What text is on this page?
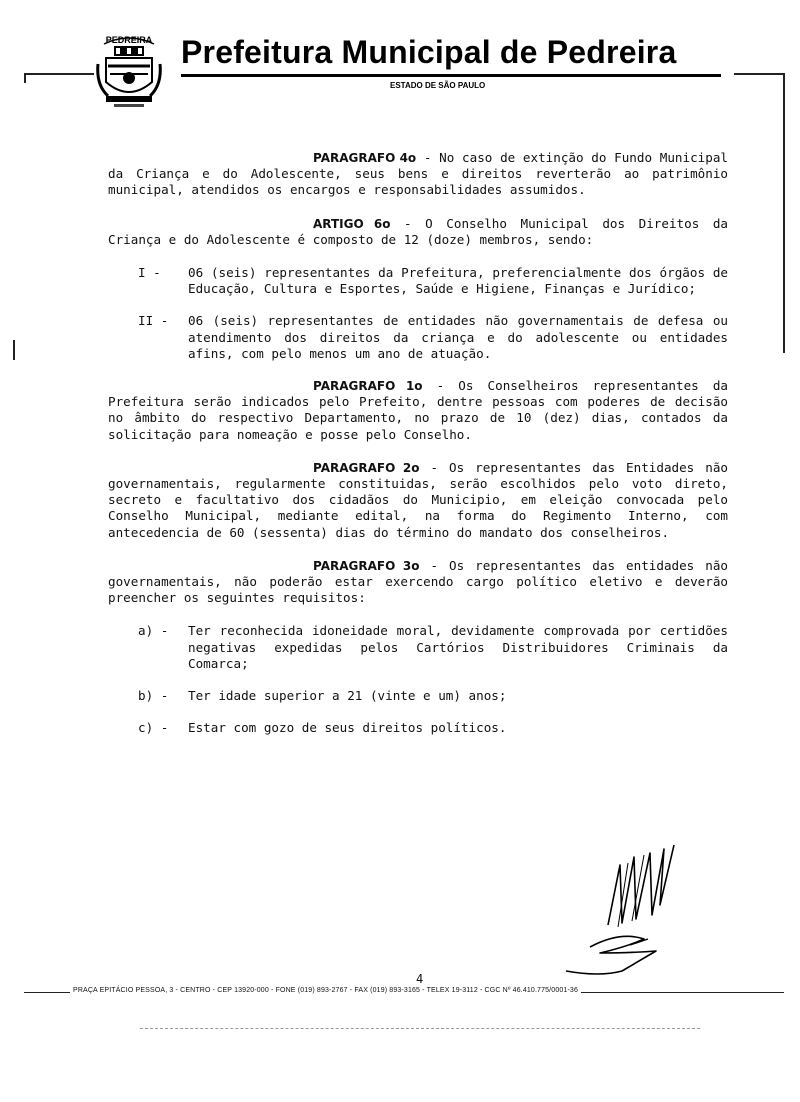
PEDREIRA Prefeitura Municipal de Pedreira
ESTADO DE SÃO PAULO

PARAGRAFO 4o - No caso de extinção do Fundo Municipal da Criança e do Adolescente, seus bens e direitos reverterão ao patrimônio municipal, atendidos os encargos e responsabilidades assumidos.

ARTIGO 6o - O Conselho Municipal dos Direitos da Criança e do Adolescente é composto de 12 (doze) membros, sendo:

I -	06 (seis) representantes da Prefeitura, preferencialmente dos órgãos de Educação, Cultura e Esportes, Saúde e Higiene, Finanças e Jurídico;
II -	06 (seis) representantes de entidades não governamentais de defesa ou atendimento dos direitos da criança e do adolescente ou entidades afins, com pelo menos um ano de atuação.

PARAGRAFO 1o - Os Conselheiros representantes da Prefeitura serão indicados pelo Prefeito, dentre pessoas com poderes de decisão no âmbito do respectivo Departamento, no prazo de 10 (dez) dias, contados da solicitação para nomeação e posse pelo Conselho.

PARAGRAFO 2o - Os representantes das Entidades não governamentais, regularmente constituidas, serão escolhidos pelo voto direto, secreto e facultativo dos cidadãos do Municipio, em eleição convocada pelo Conselho Municipal, mediante edital, na forma do Regimento Interno, com antecedencia de 60 (sessenta) dias do término do mandato dos conselheiros.

PARAGRAFO 3o - Os representantes das entidades não governamentais, não poderão estar exercendo cargo político eletivo e deverão preencher os seguintes requisitos:

a) -	Ter reconhecida idoneidade moral, devidamente comprovada por certidões negativas expedidas pelos Cartórios Distribuidores Criminais da Comarca;
b) -	Ter idade superior a 21 (vinte e um) anos;
c) -	Estar com gozo de seus direitos políticos.
4
PRAÇA EPITÁCIO PESSOA, 3 - CENTRO - CEP 13920-000 - FONE (019) 893-2767 - FAX (019) 893-3165 - TELEX 19-3112 - CGC Nº 46.410.775/0001-36
